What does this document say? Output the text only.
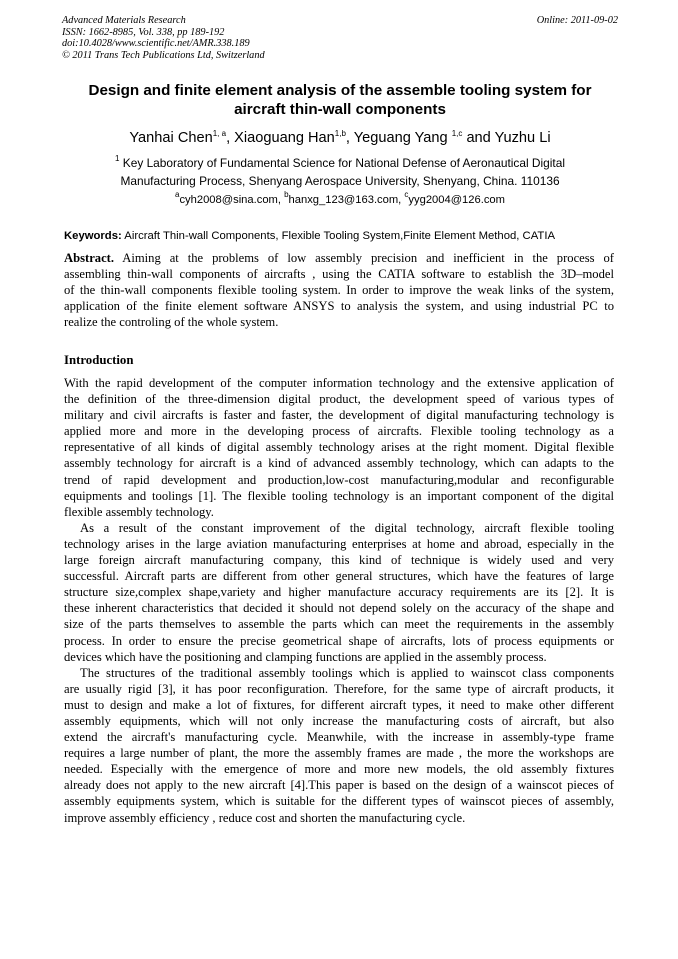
Advanced Materials Research
ISSN: 1662-8985, Vol. 338, pp 189-192
doi:10.4028/www.scientific.net/AMR.338.189
© 2011 Trans Tech Publications Ltd, Switzerland
Online: 2011-09-02
Design and finite element analysis of the assemble tooling system for
aircraft thin-wall components
Yanhai Chen$^{1, a}$, Xiaoguang Han$^{1,b}$, Yeguang Yang $^{1,c}$ and Yuzhu Li
$^1$ Key Laboratory of Fundamental Science for National Defense of Aeronautical Digital
Manufacturing Process, Shenyang Aerospace University, Shenyang, China. 110136
$^a$cyh2008@sina.com, $^b$hanxg_123@163.com, $^c$yyg2004@126.com
Keywords: Aircraft Thin-wall Components, Flexible Tooling System,Finite Element Method, CATIA
Abstract. Aiming at the problems of low assembly precision and inefficient in the process of
assembling thin-wall components of aircrafts , using the CATIA software to establish the 3D–model
of the thin-wall components flexible tooling system. In order to improve the weak links of the system,
application of the finite element software ANSYS to analysis the system, and using industrial PC to
realize the controling of the whole system.
Introduction
With the rapid development of the computer information technology and the extensive application of
the definition of the three-dimension digital product, the development speed of various types of
military and civil aircrafts is faster and faster, the development of digital manufacturing technology is
applied more and more in the developing process of aircrafts. Flexible tooling technology as a
representative of all kinds of digital assembly technology arises at the right moment. Digital flexible
assembly technology for aircraft is a kind of advanced assembly technology, which can adapts to the
trend of rapid development and production,low-cost manufacturing,modular and reconfigurable
equipments and toolings [1]. The flexible tooling technology is an important component of the digital
flexible assembly technology.
As a result of the constant improvement of the digital technology, aircraft flexible tooling
technology arises in the large aviation manufacturing enterprises at home and abroad, especially in the
large foreign aircraft manufacturing company, this kind of technique is widely used and very
successful. Aircraft parts are different from other general structures, which have the features of large
structure size,complex shape,variety and higher manufacture accuracy requirements are its [2]. It is
these inherent characteristics that decided it should not depend solely on the accuracy of the shape and
size of the parts themselves to assemble the parts which can meet the requirements in the assembly
process. In order to ensure the precise geometrical shape of aircrafts, lots of process equipments or
devices which have the positioning and clamping functions are applied in the assembly process.
The structures of the traditional assembly toolings which is applied to wainscot class components
are usually rigid [3], it has poor reconfiguration. Therefore, for the same type of aircraft products, it
must to design and make a lot of fixtures, for different aircraft types, it need to make other different
assembly equipments, which will not only increase the manufacturing costs of aircraft, but also
extend the aircraft's manufacturing cycle. Meanwhile, with the increase in assembly-type frame
requires a large number of plant, the more the assembly frames are made , the more the workshops are
needed. Especially with the emergence of more and more new models, the old assembly fixtures
already does not apply to the new aircraft [4].This paper is based on the design of a wainscot pieces of
assembly equipments system, which is suitable for the different types of wainscot pieces of assembly,
improve assembly efficiency , reduce cost and shorten the manufacturing cycle.
